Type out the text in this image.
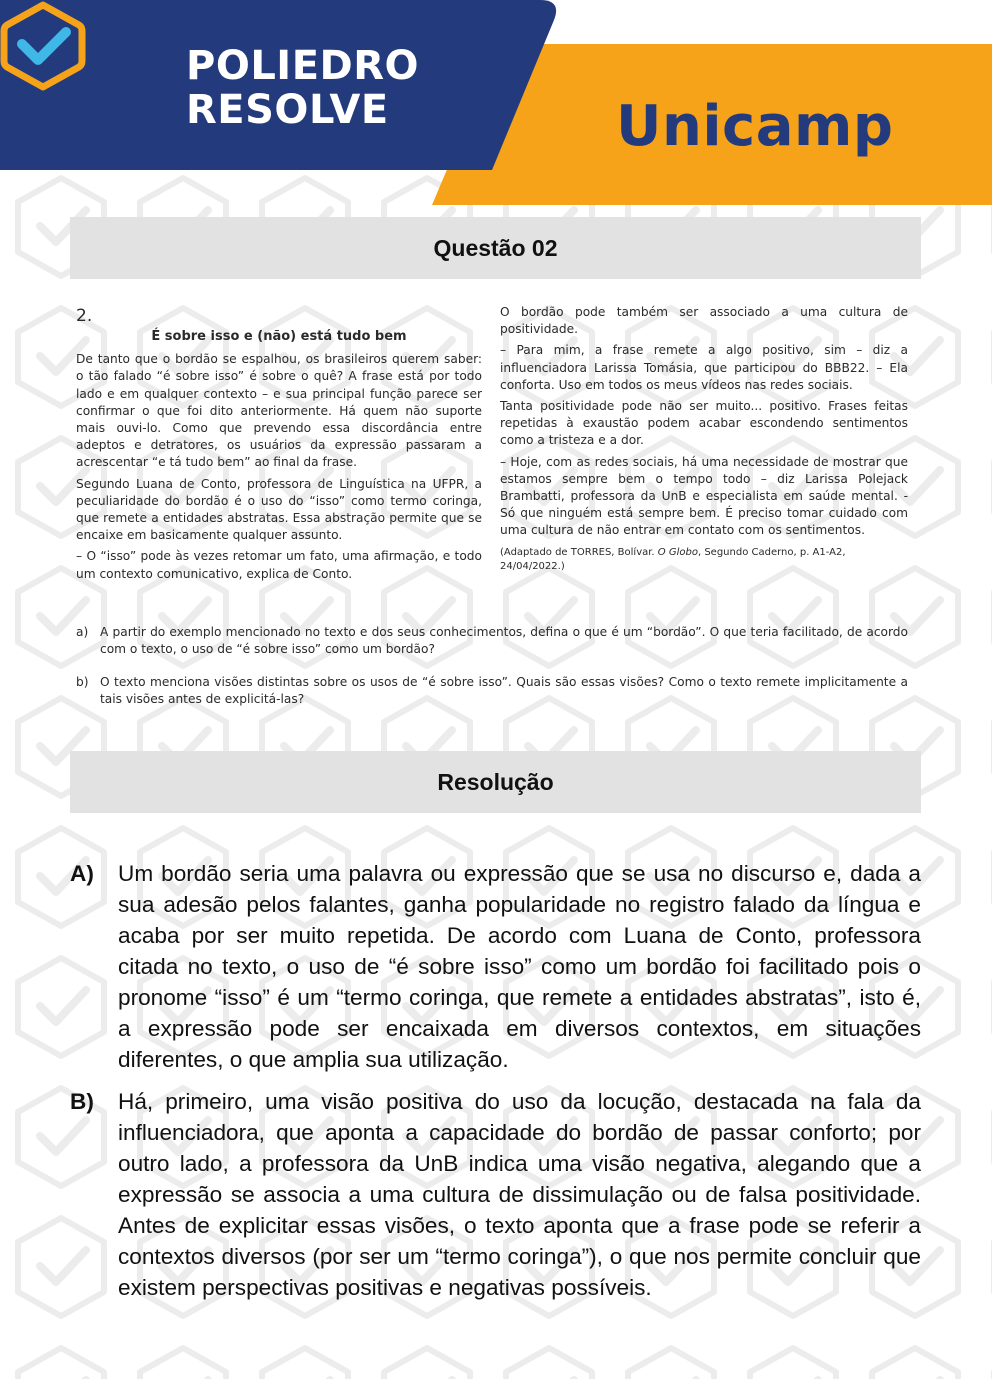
POLIEDRO
RESOLVE	Unicamp
Questão 02
2.
É sobre isso e (não) está tudo bem

De tanto que o bordão se espalhou, os brasileiros querem saber: o tão falado “é sobre isso” é sobre o quê? A frase está por todo lado e em qualquer contexto – e sua principal função parece ser confirmar o que foi dito anteriormente. Há quem não suporte mais ouvi-lo. Como que prevendo essa discordância entre adeptos e detratores, os usuários da expressão passaram a acrescentar “e tá tudo bem” ao final da frase.

Segundo Luana de Conto, professora de Linguística na UFPR, a peculiaridade do bordão é o uso do “isso” como termo coringa, que remete a entidades abstratas. Essa abstração permite que se encaixe em basicamente qualquer assunto.

– O “isso” pode às vezes retomar um fato, uma afirmação, e todo um contexto comunicativo, explica de Conto.

O bordão pode também ser associado a uma cultura de positividade.

– Para mim, a frase remete a algo positivo, sim – diz a influenciadora Larissa Tomásia, que participou do BBB22. – Ela conforta. Uso em todos os meus vídeos nas redes sociais.

Tanta positividade pode não ser muito... positivo. Frases feitas repetidas à exaustão podem acabar escondendo sentimentos como a tristeza e a dor.

– Hoje, com as redes sociais, há uma necessidade de mostrar que estamos sempre bem o tempo todo – diz Larissa Polejack Brambatti, professora da UnB e especialista em saúde mental. - Só que ninguém está sempre bem. É preciso tomar cuidado com uma cultura de não entrar em contato com os sentimentos.

(Adaptado de TORRES, Bolívar. O Globo, Segundo Caderno, p. A1-A2, 24/04/2022.)
a) A partir do exemplo mencionado no texto e dos seus conhecimentos, defina o que é um “bordão”. O que teria facilitado, de acordo com o texto, o uso de “é sobre isso” como um bordão?
b) O texto menciona visões distintas sobre os usos de “é sobre isso”. Quais são essas visões? Como o texto remete implicitamente a tais visões antes de explicitá-las?
Resolução
A) Um bordão seria uma palavra ou expressão que se usa no discurso e, dada a sua adesão pelos falantes, ganha popularidade no registro falado da língua e acaba por ser muito repetida. De acordo com Luana de Conto, professora citada no texto, o uso de “é sobre isso” como um bordão foi facilitado pois o pronome “isso” é um “termo coringa, que remete a entidades abstratas”, isto é, a expressão pode ser encaixada em diversos contextos, em situações diferentes, o que amplia sua utilização.
B) Há, primeiro, uma visão positiva do uso da locução, destacada na fala da influenciadora, que aponta a capacidade do bordão de passar conforto; por outro lado, a professora da UnB indica uma visão negativa, alegando que a expressão se associa a uma cultura de dissimulação ou de falsa positividade. Antes de explicitar essas visões, o texto aponta que a frase pode se referir a contextos diversos (por ser um “termo coringa”), o que nos permite concluir que existem perspectivas positivas e negativas possíveis.
